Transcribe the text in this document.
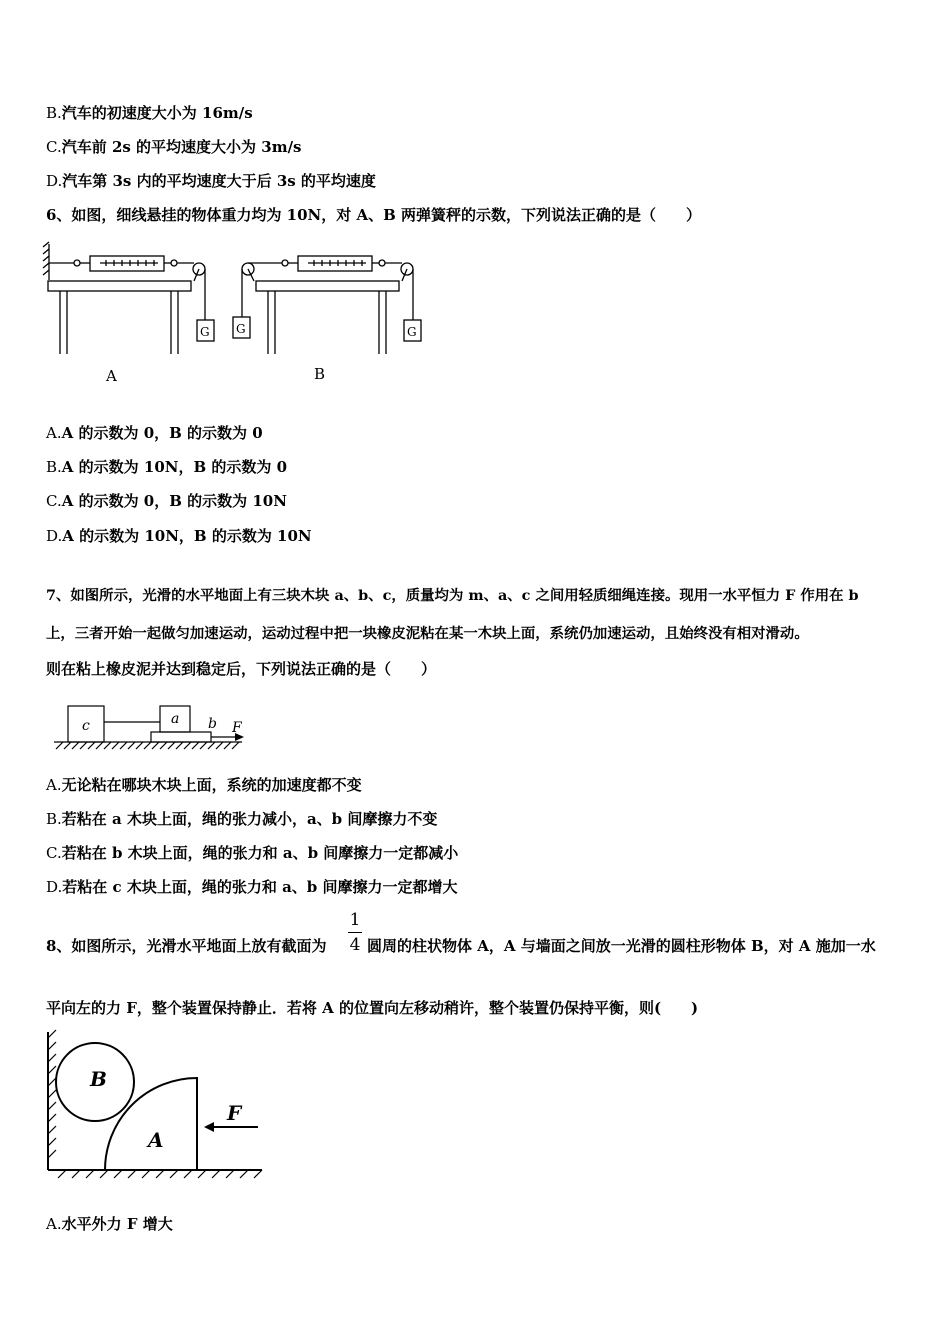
B.汽车的初速度大小为 16m/s
C.汽车前 2s 的平均速度大小为 3m/s
D.汽车第 3s 内的平均速度大于后 3s 的平均速度
6、如图，细线悬挂的物体重力均为 10N，对 A、B 两弹簧秤的示数，下列说法正确的是（　　）
G G	G
A	B
A.A 的示数为 0，B 的示数为 0
B.A 的示数为 10N，B 的示数为 0
C.A 的示数为 0，B 的示数为 10N
D.A 的示数为 10N，B 的示数为 10N
7、如图所示，光滑的水平地面上有三块木块 a、b、c，质量均为 m、a、c 之间用轻质细绳连接。现用一水平恒力 F 作用在 b
上，三者开始一起做匀加速运动，运动过程中把一块橡皮泥粘在某一木块上面，系统仍加速运动，且始终没有相对滑动。
则在粘上橡皮泥并达到稳定后，下列说法正确的是（　　）
c	a b F
A.无论粘在哪块木块上面，系统的加速度都不变
B.若粘在 a 木块上面，绳的张力减小，a、b 间摩擦力不变
C.若粘在 b 木块上面，绳的张力和 a、b 间摩擦力一定都减小
D.若粘在 c 木块上面，绳的张力和 a、b 间摩擦力一定都增大
8、如图所示，光滑水平地面上放有截面为
1
4 圆周的柱状物体 A，A 与墙面之间放一光滑的圆柱形物体 B，对 A 施加一水
平向左的力 F，整个装置保持静止．若将 A 的位置向左移动稍许，整个装置仍保持平衡，则(　　)
B
A
F
A.水平外力 F 增大
